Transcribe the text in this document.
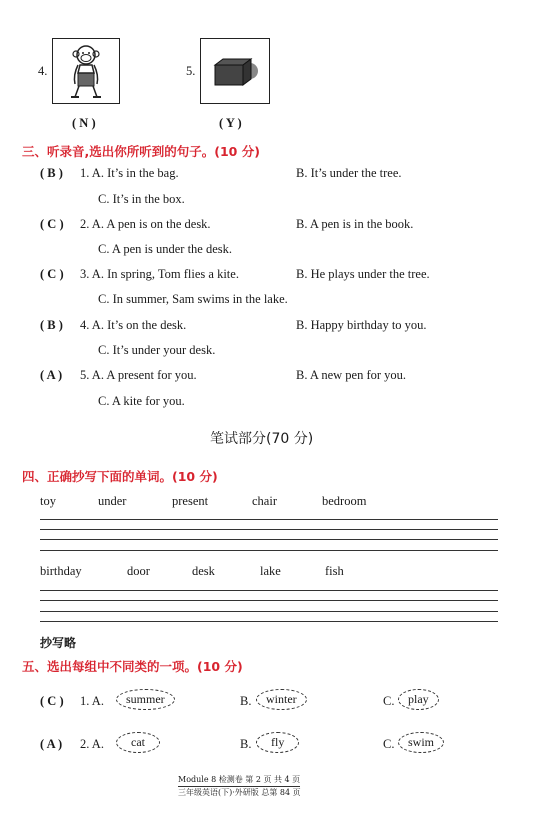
4.
( N )
5.
( Y )
三、听录音,选出你所听到的句子。(10 分)
( B ) 1. A. It’s in the bag.	B. It’s under the tree.
C. It’s in the box.
( C ) 2. A. A pen is on the desk.	B. A pen is in the book.
C. A pen is under the desk.
( C ) 3. A. In spring, Tom flies a kite.	B. He plays under the tree.
C. In summer, Sam swims in the lake.
( B ) 4. A. It’s on the desk.	B. Happy birthday to you.
C. It’s under your desk.
( A ) 5. A. A present for you.	B. A new pen for you.
C. A kite for you.
笔试部分(70 分)
四、正确抄写下面的单词。(10 分)
toy	under	present	chair	bedroom
birthday	door	desk	lake	fish
抄写略
五、选出每组中不同类的一项。(10 分)
( C ) 1. A.	summer	B.	winter	C.	play
( A ) 2. A.	cat	B.	fly	C.	swim
Module 8 检测卷 第 2 页 共 4 页
三年级英语(下)·外研版 总第 84 页
